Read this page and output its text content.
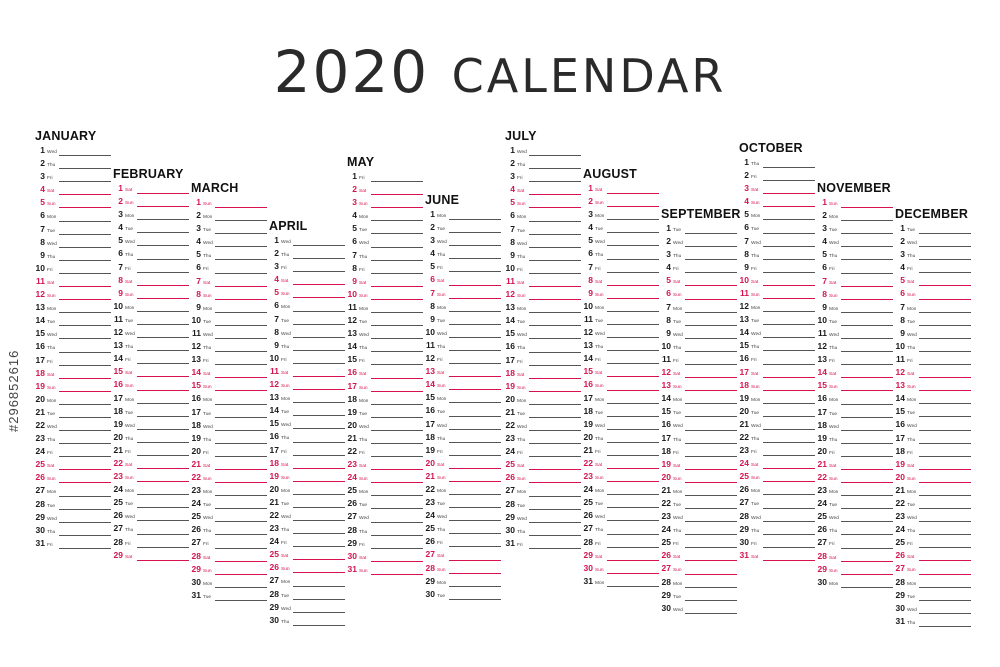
2020 CALENDAR
#296852616
JANUARY
1 Wed
2 Thu
3 Fri
4 Sat
5 Sun
6 Mon
7 Tue
8 Wed
9 Thu
10 Fri
11 Sat
12 Sun
13 Mon
14 Tue
15 Wed
16 Thu
17 Fri
18 Sat
19 Sun
20 Mon
21 Tue
22 Wed
23 Thu
24 Fri
25 Sat
26 Sun
27 Mon
28 Tue
29 Wed
30 Thu
31 Fri
FEBRUARY
1 Sat
2 Sun
3 Mon
4 Tue
5 Wed
6 Thu
7 Fri
8 Sat
9 Sun
10 Mon
11 Tue
12 Wed
13 Thu
14 Fri
15 Sat
16 Sun
17 Mon
18 Tue
19 Wed
20 Thu
21 Fri
22 Sat
23 Sun
24 Mon
25 Tue
26 Wed
27 Thu
28 Fri
29 Sat
MARCH
1 Sun
2 Mon
3 Tue
4 Wed
5 Thu
6 Fri
7 Sat
8 Sun
9 Mon
10 Tue
11 Wed
12 Thu
13 Fri
14 Sat
15 Sun
16 Mon
17 Tue
18 Wed
19 Thu
20 Fri
21 Sat
22 Sun
23 Mon
24 Tue
25 Wed
26 Thu
27 Fri
28 Sat
29 Sun
30 Mon
31 Tue
APRIL
1 Wed
2 Thu
3 Fri
4 Sat
5 Sun
6 Mon
7 Tue
8 Wed
9 Thu
10 Fri
11 Sat
12 Sun
13 Mon
14 Tue
15 Wed
16 Thu
17 Fri
18 Sat
19 Sun
20 Mon
21 Tue
22 Wed
23 Thu
24 Fri
25 Sat
26 Sun
27 Mon
28 Tue
29 Wed
30 Thu
MAY
1 Fri
2 Sat
3 Sun
4 Mon
5 Tue
6 Wed
7 Thu
8 Fri
9 Sat
10 Sun
11 Mon
12 Tue
13 Wed
14 Thu
15 Fri
16 Sat
17 Sun
18 Mon
19 Tue
20 Wed
21 Thu
22 Fri
23 Sat
24 Sun
25 Mon
26 Tue
27 Wed
28 Thu
29 Fri
30 Sat
31 Sun
JUNE
1 Mon
2 Tue
3 Wed
4 Thu
5 Fri
6 Sat
7 Sun
8 Mon
9 Tue
10 Wed
11 Thu
12 Fri
13 Sat
14 Sun
15 Mon
16 Tue
17 Wed
18 Thu
19 Fri
20 Sat
21 Sun
22 Mon
23 Tue
24 Wed
25 Thu
26 Fri
27 Sat
28 Sun
29 Mon
30 Tue
JULY
1 Wed
2 Thu
3 Fri
4 Sat
5 Sun
6 Mon
7 Tue
8 Wed
9 Thu
10 Fri
11 Sat
12 Sun
13 Mon
14 Tue
15 Wed
16 Thu
17 Fri
18 Sat
19 Sun
20 Mon
21 Tue
22 Wed
23 Thu
24 Fri
25 Sat
26 Sun
27 Mon
28 Tue
29 Wed
30 Thu
31 Fri
AUGUST
1 Sat
2 Sun
3 Mon
4 Tue
5 Wed
6 Thu
7 Fri
8 Sat
9 Sun
10 Mon
11 Tue
12 Wed
13 Thu
14 Fri
15 Sat
16 Sun
17 Mon
18 Tue
19 Wed
20 Thu
21 Fri
22 Sat
23 Sun
24 Mon
25 Tue
26 Wed
27 Thu
28 Fri
29 Sat
30 Sun
31 Mon
SEPTEMBER
1 Tue
2 Wed
3 Thu
4 Fri
5 Sat
6 Sun
7 Mon
8 Tue
9 Wed
10 Thu
11 Fri
12 Sat
13 Sun
14 Mon
15 Tue
16 Wed
17 Thu
18 Fri
19 Sat
20 Sun
21 Mon
22 Tue
23 Wed
24 Thu
25 Fri
26 Sat
27 Sun
28 Mon
29 Tue
30 Wed
OCTOBER
1 Thu
2 Fri
3 Sat
4 Sun
5 Mon
6 Tue
7 Wed
8 Thu
9 Fri
10 Sat
11 Sun
12 Mon
13 Tue
14 Wed
15 Thu
16 Fri
17 Sat
18 Sun
19 Mon
20 Tue
21 Wed
22 Thu
23 Fri
24 Sat
25 Sun
26 Mon
27 Tue
28 Wed
29 Thu
30 Fri
31 Sat
NOVEMBER
1 Sun
2 Mon
3 Tue
4 Wed
5 Thu
6 Fri
7 Sat
8 Sun
9 Mon
10 Tue
11 Wed
12 Thu
13 Fri
14 Sat
15 Sun
16 Mon
17 Tue
18 Wed
19 Thu
20 Fri
21 Sat
22 Sun
23 Mon
24 Tue
25 Wed
26 Thu
27 Fri
28 Sat
29 Sun
30 Mon
DECEMBER
1 Tue
2 Wed
3 Thu
4 Fri
5 Sat
6 Sun
7 Mon
8 Tue
9 Wed
10 Thu
11 Fri
12 Sat
13 Sun
14 Mon
15 Tue
16 Wed
17 Thu
18 Fri
19 Sat
20 Sun
21 Mon
22 Tue
23 Wed
24 Thu
25 Fri
26 Sat
27 Sun
28 Mon
29 Tue
30 Wed
31 Thu
